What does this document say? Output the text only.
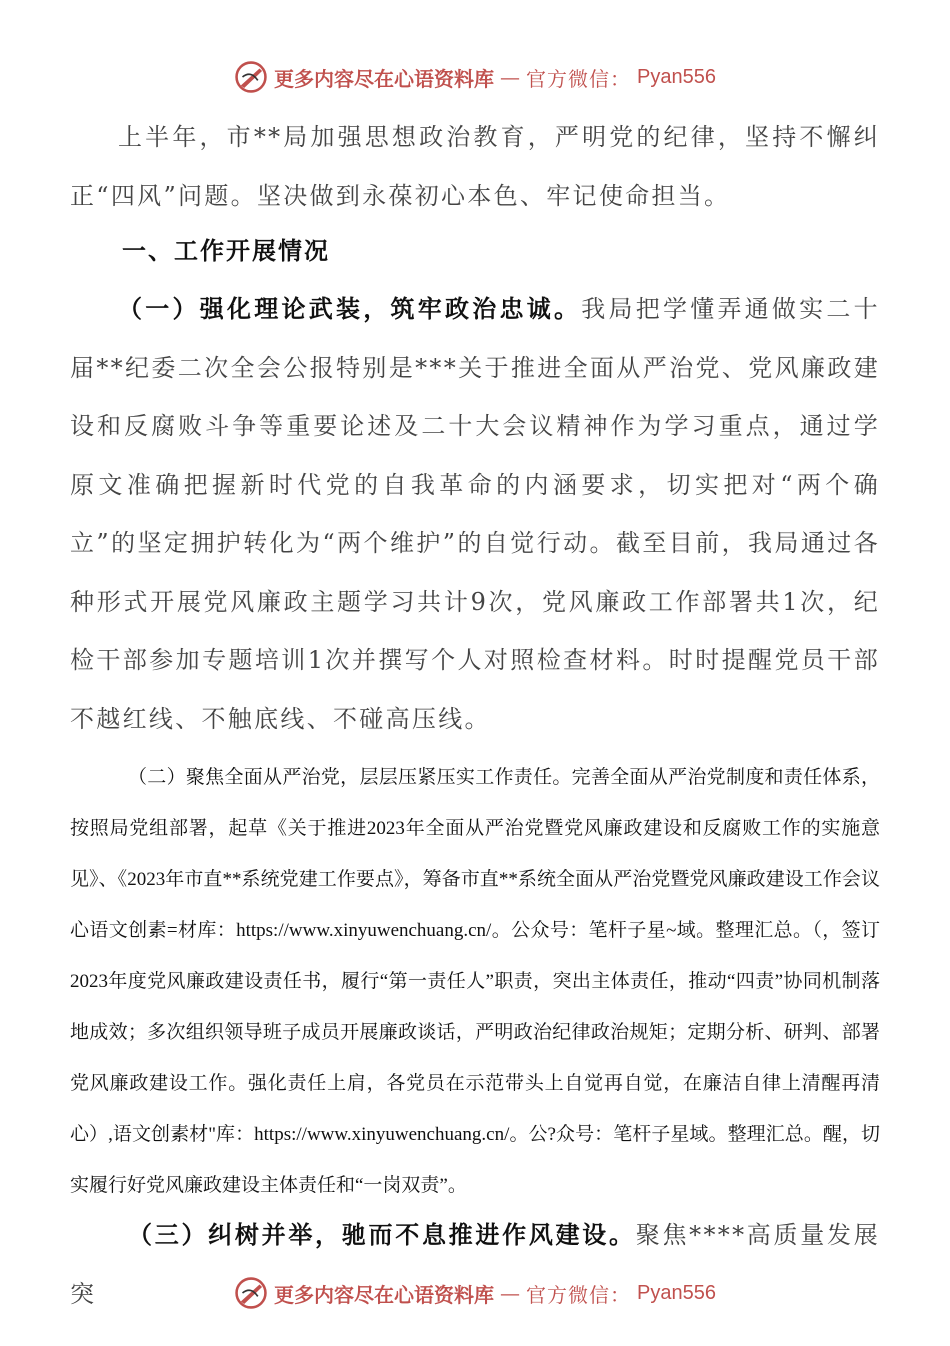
更多内容尽在心语资料库 — 官方微信： Pyan556
上半年，市**局加强思想政治教育，严明党的纪律，坚持不懈纠正“四风”问题。坚决做到永葆初心本色、牢记使命担当。
一、工作开展情况
（一）强化理论武装，筑牢政治忠诚。我局把学懂弄通做实二十届**纪委二次全会公报特别是***关于推进全面从严治党、党风廉政建设和反腐败斗争等重要论述及二十大会议精神作为学习重点，通过学原文准确把握新时代党的自我革命的内涵要求，切实把对“两个确立”的坚定拥护转化为“两个维护”的自觉行动。截至目前，我局通过各种形式开展党风廉政主题学习共计9次，党风廉政工作部署共1次，纪检干部参加专题培训1次并撰写个人对照检查材料。时时提醒党员干部不越红线、不触底线、不碰高压线。
（二）聚焦全面从严治党，层层压紧压实工作责任。完善全面从严治党制度和责任体系，按照局党组部署，起草《关于推进2023年全面从严治党暨党风廉政建设和反腐败工作的实施意见》、《2023年市直**系统党建工作要点》，筹备市直**系统全面从严治党暨党风廉政建设工作会议心语文创素=材库：https://www.xinyuwenchuang.cn/。公众号：笔杆子星~域。整理汇总。（，签订2023年度党风廉政建设责任书，履行“第一责任人”职责，突出主体责任，推动“四责”协同机制落地成效；多次组织领导班子成员开展廉政谈话，严明政治纪律政治规矩；定期分析、研判、部署党风廉政建设工作。强化责任上肩，各党员在示范带头上自觉再自觉，在廉洁自律上清醒再清心）,语文创素材"库：https://www.xinyuwenchuang.cn/。公?众号：笔杆子星域。整理汇总。醒，切实履行好党风廉政建设主体责任和“一岗双责”。
（三）纠树并举，驰而不息推进作风建设。聚焦****高质量发展突	更多内容尽在心语资料库 — 官方微信： Pyan556
